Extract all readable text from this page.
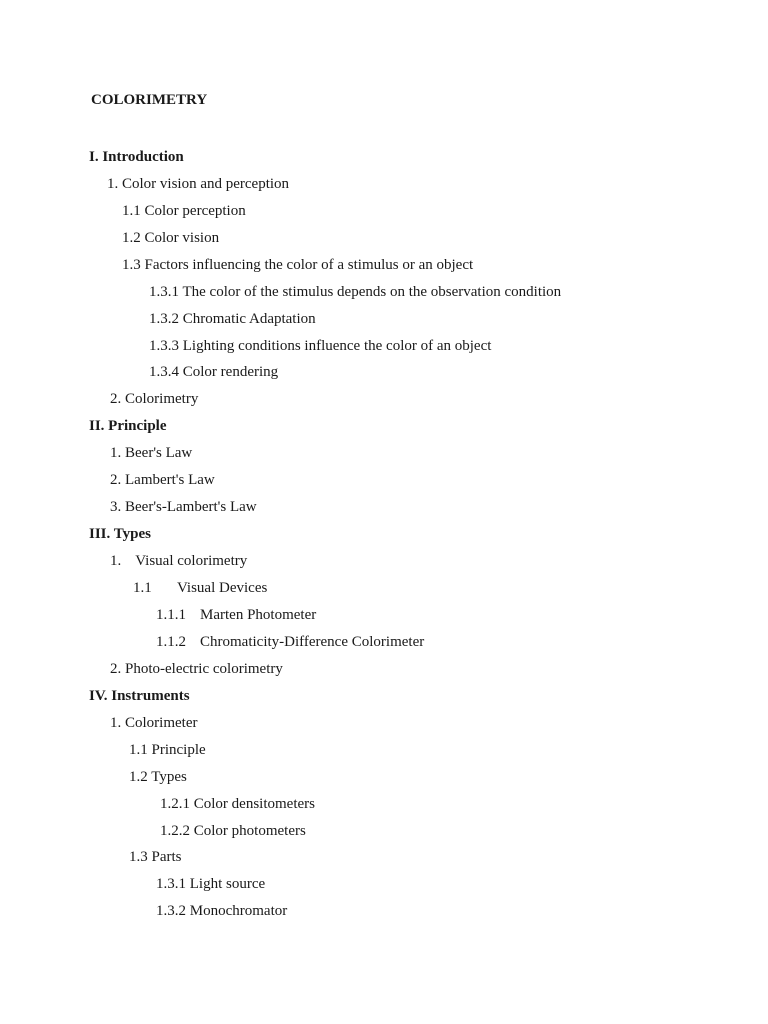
COLORIMETRY
I. Introduction
1. Color vision and perception
1.1 Color perception
1.2 Color vision
1.3 Factors influencing the color of a stimulus or an object
1.3.1 The color of the stimulus depends on the observation condition
1.3.2 Chromatic Adaptation
1.3.3 Lighting conditions influence the color of an object
1.3.4 Color rendering
2. Colorimetry
II. Principle
1. Beer's Law
2. Lambert's Law
3. Beer's-Lambert's Law
III. Types
1. Visual colorimetry
1.1 Visual Devices
1.1.1 Marten Photometer
1.1.2 Chromaticity-Difference Colorimeter
2. Photo-electric colorimetry
IV. Instruments
1. Colorimeter
1.1 Principle
1.2 Types
1.2.1 Color densitometers
1.2.2 Color photometers
1.3 Parts
1.3.1 Light source
1.3.2 Monochromator
